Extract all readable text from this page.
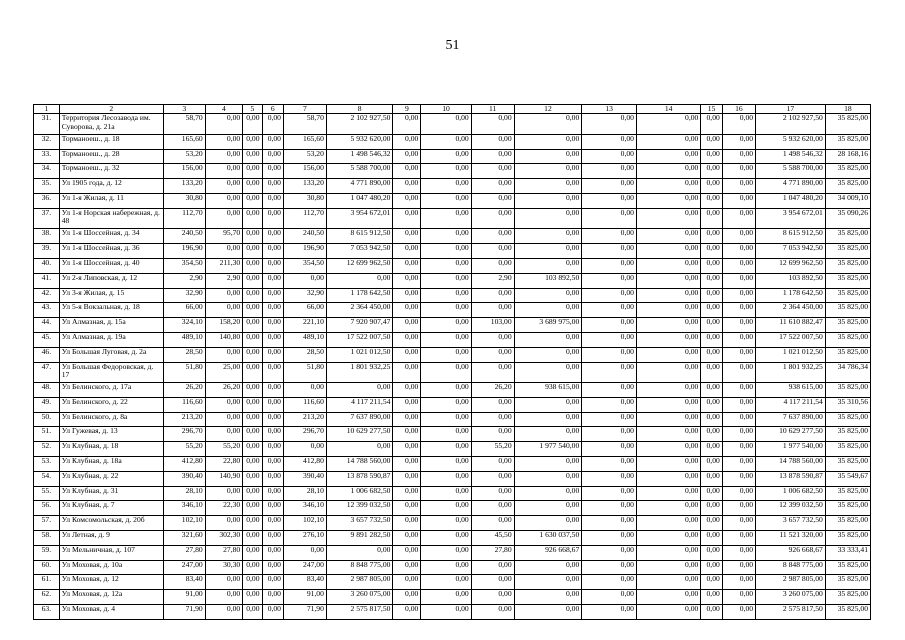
51
1	2	3	4	5	6	7	8	9	10	11	12	13	14	15	16	17	18
31.	Территория Лесозавода им. Суворова, д. 21а	58,70	0,00	0,00	0,00	58,70	2 102 927,50	0,00	0,00	0,00	0,00	0,00	0,00	0,00	0,00	2 102 927,50	35 825,00
32.	Торманоеш., д. 18	165,60	0,00	0,00	0,00	165,60	5 932 620,00	0,00	0,00	0,00	0,00	0,00	0,00	0,00	0,00	5 932 620,00	35 825,00
33.	Торманоеш., д. 28	53,20	0,00	0,00	0,00	53,20	1 498 546,32	0,00	0,00	0,00	0,00	0,00	0,00	0,00	0,00	1 498 546,32	28 168,16
34.	Торманоеш., д. 32	156,00	0,00	0,00	0,00	156,00	5 588 700,00	0,00	0,00	0,00	0,00	0,00	0,00	0,00	0,00	5 588 700,00	35 825,00
35.	Ул 1905 года, д. 12	133,20	0,00	0,00	0,00	133,20	4 771 890,00	0,00	0,00	0,00	0,00	0,00	0,00	0,00	0,00	4 771 890,00	35 825,00
36.	Ул 1-я Жилая, д. 11	30,80	0,00	0,00	0,00	30,80	1 047 480,20	0,00	0,00	0,00	0,00	0,00	0,00	0,00	0,00	1 047 480,20	34 009,10
37.	Ул 1-я Норская набережная, д. 48	112,70	0,00	0,00	0,00	112,70	3 954 672,01	0,00	0,00	0,00	0,00	0,00	0,00	0,00	0,00	3 954 672,01	35 090,26
38.	Ул 1-я Шоссейная, д. 34	240,50	95,70	0,00	0,00	240,50	8 615 912,50	0,00	0,00	0,00	0,00	0,00	0,00	0,00	0,00	8 615 912,50	35 825,00
39.	Ул 1-я Шоссейная, д. 36	196,90	0,00	0,00	0,00	196,90	7 053 942,50	0,00	0,00	0,00	0,00	0,00	0,00	0,00	0,00	7 053 942,50	35 825,00
40.	Ул 1-я Шоссейная, д. 40	354,50	211,30	0,00	0,00	354,50	12 699 962,50	0,00	0,00	0,00	0,00	0,00	0,00	0,00	0,00	12 699 962,50	35 825,00
41.	Ул 2-я Липовская, д. 12	2,90	2,90	0,00	0,00	0,00	0,00	0,00	0,00	2,90	103 892,50	0,00	0,00	0,00	0,00	103 892,50	35 825,00
42.	Ул 3-я Жилая, д. 15	32,90	0,00	0,00	0,00	32,90	1 178 642,50	0,00	0,00	0,00	0,00	0,00	0,00	0,00	0,00	1 178 642,50	35 825,00
43.	Ул 5-я Вокзальная, д. 18	66,00	0,00	0,00	0,00	66,00	2 364 450,00	0,00	0,00	0,00	0,00	0,00	0,00	0,00	0,00	2 364 450,00	35 825,00
44.	Ул Алмазная, д. 15а	324,10	158,20	0,00	0,00	221,10	7 920 907,47	0,00	0,00	103,00	3 689 975,00	0,00	0,00	0,00	0,00	11 610 882,47	35 825,00
45.	Ул Алмазная, д. 19а	489,10	140,80	0,00	0,00	489,10	17 522 007,50	0,00	0,00	0,00	0,00	0,00	0,00	0,00	0,00	17 522 007,50	35 825,00
46.	Ул Большая Луговая, д. 2а	28,50	0,00	0,00	0,00	28,50	1 021 012,50	0,00	0,00	0,00	0,00	0,00	0,00	0,00	0,00	1 021 012,50	35 825,00
47.	Ул Большая Федоровская, д. 17	51,80	25,00	0,00	0,00	51,80	1 801 932,25	0,00	0,00	0,00	0,00	0,00	0,00	0,00	0,00	1 801 932,25	34 786,34
48.	Ул Белинского, д. 17а	26,20	26,20	0,00	0,00	0,00	0,00	0,00	0,00	26,20	938 615,00	0,00	0,00	0,00	0,00	938 615,00	35 825,00
49.	Ул Белинского, д. 22	116,60	0,00	0,00	0,00	116,60	4 117 211,54	0,00	0,00	0,00	0,00	0,00	0,00	0,00	0,00	4 117 211,54	35 310,56
50.	Ул Белинского, д. 8а	213,20	0,00	0,00	0,00	213,20	7 637 890,00	0,00	0,00	0,00	0,00	0,00	0,00	0,00	0,00	7 637 890,00	35 825,00
51.	Ул Гужевая, д. 13	296,70	0,00	0,00	0,00	296,70	10 629 277,50	0,00	0,00	0,00	0,00	0,00	0,00	0,00	0,00	10 629 277,50	35 825,00
52.	Ул Клубная, д. 18	55,20	55,20	0,00	0,00	0,00	0,00	0,00	0,00	55,20	1 977 540,00	0,00	0,00	0,00	0,00	1 977 540,00	35 825,00
53.	Ул Клубная, д. 18а	412,80	22,80	0,00	0,00	412,80	14 788 560,00	0,00	0,00	0,00	0,00	0,00	0,00	0,00	0,00	14 788 560,00	35 825,00
54.	Ул Клубная, д. 22	390,40	140,90	0,00	0,00	390,40	13 878 590,87	0,00	0,00	0,00	0,00	0,00	0,00	0,00	0,00	13 878 590,87	35 549,67
55.	Ул Клубная, д. 31	28,10	0,00	0,00	0,00	28,10	1 006 682,50	0,00	0,00	0,00	0,00	0,00	0,00	0,00	0,00	1 006 682,50	35 825,00
56.	Ул Клубная, д. 7	346,10	22,30	0,00	0,00	346,10	12 399 032,50	0,00	0,00	0,00	0,00	0,00	0,00	0,00	0,00	12 399 032,50	35 825,00
57.	Ул Комсомольская, д. 20б	102,10	0,00	0,00	0,00	102,10	3 657 732,50	0,00	0,00	0,00	0,00	0,00	0,00	0,00	0,00	3 657 732,50	35 825,00
58.	Ул Летная, д. 9	321,60	302,30	0,00	0,00	276,10	9 891 282,50	0,00	0,00	45,50	1 630 037,50	0,00	0,00	0,00	0,00	11 521 320,00	35 825,00
59.	Ул Мельничная, д. 107	27,80	27,80	0,00	0,00	0,00	0,00	0,00	0,00	27,80	926 668,67	0,00	0,00	0,00	0,00	926 668,67	33 333,41
60.	Ул Моховая, д. 10а	247,00	30,30	0,00	0,00	247,00	8 848 775,00	0,00	0,00	0,00	0,00	0,00	0,00	0,00	0,00	8 848 775,00	35 825,00
61.	Ул Моховая, д. 12	83,40	0,00	0,00	0,00	83,40	2 987 805,00	0,00	0,00	0,00	0,00	0,00	0,00	0,00	0,00	2 987 805,00	35 825,00
62.	Ул Моховая, д. 12а	91,00	0,00	0,00	0,00	91,00	3 260 075,00	0,00	0,00	0,00	0,00	0,00	0,00	0,00	0,00	3 260 075,00	35 825,00
63.	Ул Моховая, д. 4	71,90	0,00	0,00	0,00	71,90	2 575 817,50	0,00	0,00	0,00	0,00	0,00	0,00	0,00	0,00	2 575 817,50	35 825,00
